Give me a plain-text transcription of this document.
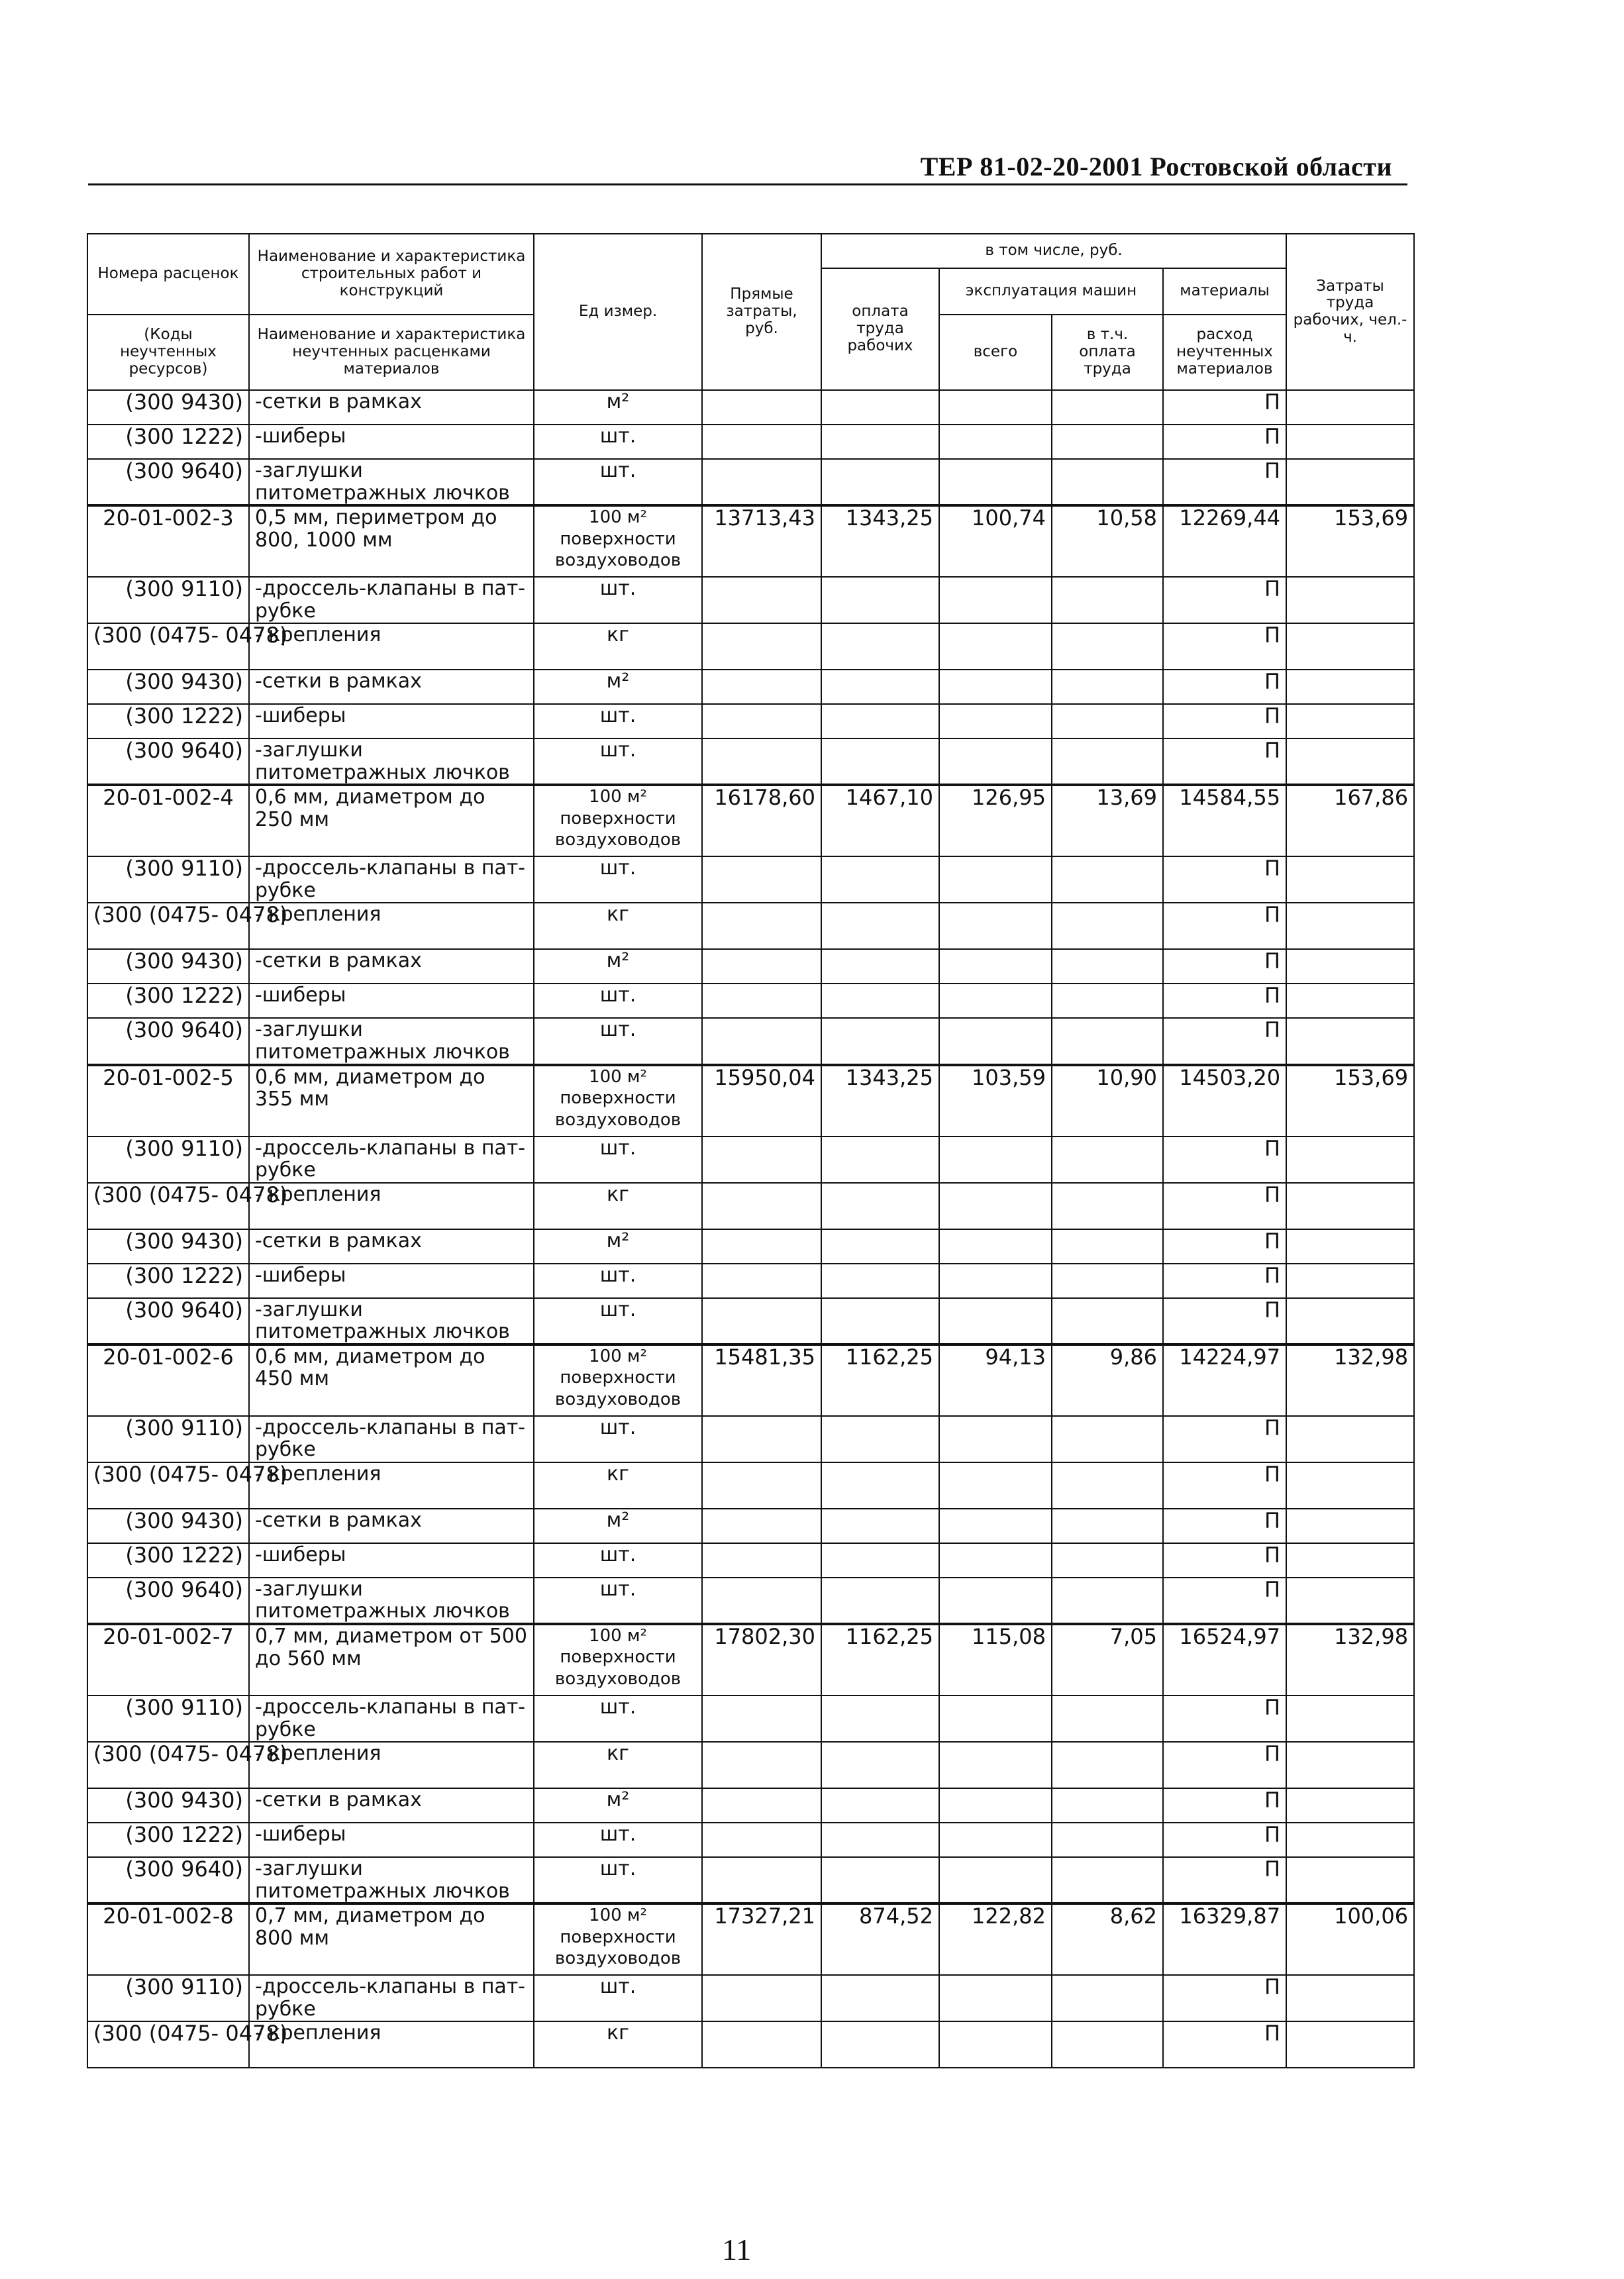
ТЕР 81-02-20-2001 Ростовской области
Номера расценок	Наименование и характеристика строительных работ и конструкций	Ед измер.	Прямые затраты, руб.	в том числе, руб.				Затраты труда рабочих, чел.-ч.
				оплата труда рабочих	эксплуатация машин		материалы	
(Коды неучтенных ресурсов)	Наименование и характеристика неучтенных расценками материалов				всего	в т.ч. оплата труда	расход неучтенных материалов	

(300 9430)	-сетки в рамках	м²					П	
(300 1222)	-шиберы	шт.					П	
(300 9640)	-заглушки питометражных лючков	шт.					П	
20-01-002-3	0,5 мм, периметром до 800, 1000 мм	100 м² поверхности воздуховодов	13713,43	1343,25	100,74	10,58	12269,44	153,69
(300 9110)	-дроссель-клапаны в пат- рубке	шт.					П	
(300 (0475- 0478)	- крепления	кг					П	
(300 9430)	-сетки в рамках	м²					П	
(300 1222)	-шиберы	шт.					П	
(300 9640)	-заглушки питометражных лючков	шт.					П	
20-01-002-4	0,6 мм, диаметром до 250 мм	100 м² поверхности воздуховодов	16178,60	1467,10	126,95	13,69	14584,55	167,86
(300 9110)	-дроссель-клапаны в пат- рубке	шт.					П	
(300 (0475- 0478)	- крепления	кг					П	
(300 9430)	-сетки в рамках	м²					П	
(300 1222)	-шиберы	шт.					П	
(300 9640)	-заглушки питометражных лючков	шт.					П	
20-01-002-5	0,6 мм, диаметром до 355 мм	100 м² поверхности воздуховодов	15950,04	1343,25	103,59	10,90	14503,20	153,69
(300 9110)	-дроссель-клапаны в пат- рубке	шт.					П	
(300 (0475- 0478)	- крепления	кг					П	
(300 9430)	-сетки в рамках	м²					П	
(300 1222)	-шиберы	шт.					П	
(300 9640)	-заглушки питометражных лючков	шт.					П	
20-01-002-6	0,6 мм, диаметром до 450 мм	100 м² поверхности воздуховодов	15481,35	1162,25	94,13	9,86	14224,97	132,98
(300 9110)	-дроссель-клапаны в пат- рубке	шт.					П	
(300 (0475- 0478)	- крепления	кг					П	
(300 9430)	-сетки в рамках	м²					П	
(300 1222)	-шиберы	шт.					П	
(300 9640)	-заглушки питометражных лючков	шт.					П	
20-01-002-7	0,7 мм, диаметром от 500 до 560 мм	100 м² поверхности воздуховодов	17802,30	1162,25	115,08	7,05	16524,97	132,98
(300 9110)	-дроссель-клапаны в пат- рубке	шт.					П	
(300 (0475- 0478)	- крепления	кг					П	
(300 9430)	-сетки в рамках	м²					П	
(300 1222)	-шиберы	шт.					П	
(300 9640)	-заглушки питометражных лючков	шт.					П	
20-01-002-8	0,7 мм, диаметром до 800 мм	100 м² поверхности воздуховодов	17327,21	874,52	122,82	8,62	16329,87	100,06
(300 9110)	-дроссель-клапаны в пат- рубке	шт.					П	
(300 (0475- 0478)	- крепления	кг					П	
11
